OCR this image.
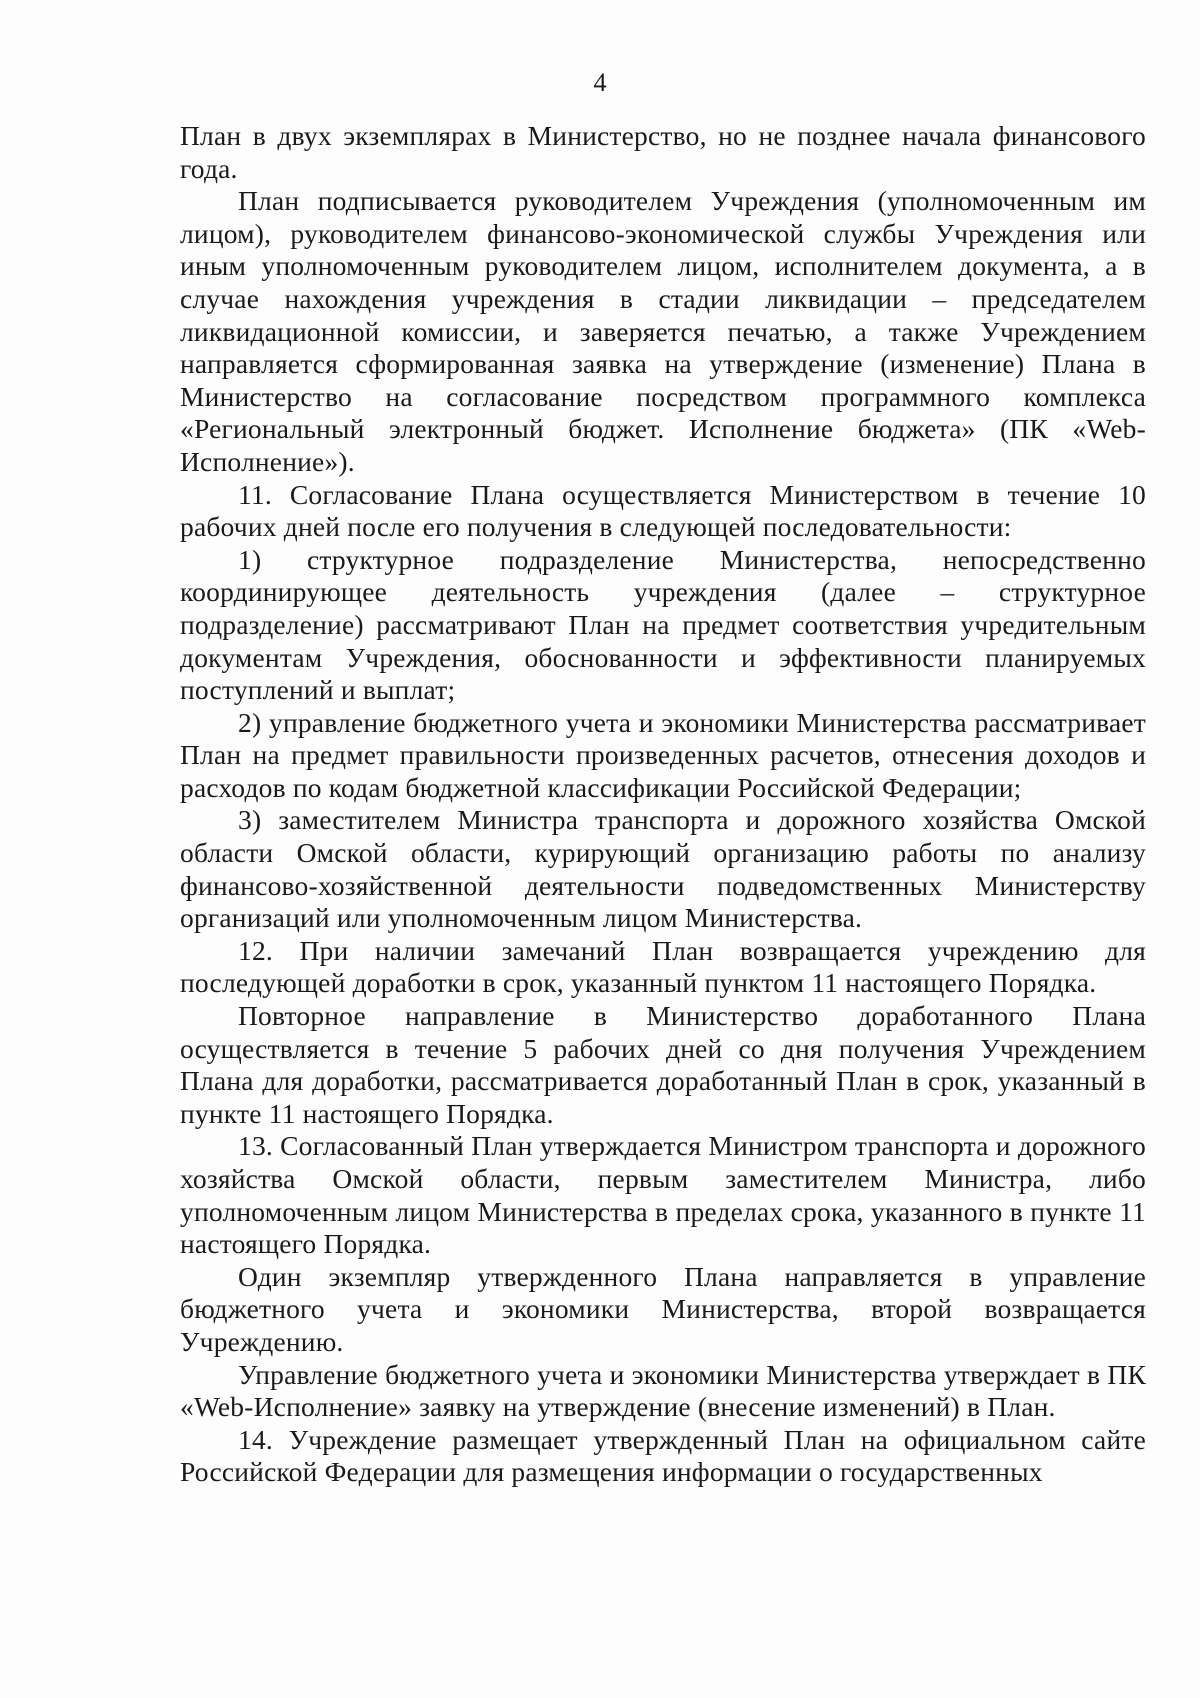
4

План в двух экземплярах в Министерство, но не позднее начала финансового года.

План подписывается руководителем Учреждения (уполномоченным им лицом), руководителем финансово-экономической службы Учреждения или иным уполномоченным руководителем лицом, исполнителем документа, а в случае нахождения учреждения в стадии ликвидации – председателем ликвидационной комиссии, и заверяется печатью, а также Учреждением направляется сформированная заявка на утверждение (изменение) Плана в Министерство на согласование посредством программного комплекса «Региональный электронный бюджет. Исполнение бюджета» (ПК «Web-Исполнение»).

11. Согласование Плана осуществляется Министерством в течение 10 рабочих дней после его получения в следующей последовательности:

1) структурное подразделение Министерства, непосредственно координирующее деятельность учреждения (далее – структурное подразделение) рассматривают План на предмет соответствия учредительным документам Учреждения, обоснованности и эффективности планируемых поступлений и выплат;

2) управление бюджетного учета и экономики Министерства рассматривает План на предмет правильности произведенных расчетов, отнесения доходов и расходов по кодам бюджетной классификации Российской Федерации;

3) заместителем Министра транспорта и дорожного хозяйства Омской области Омской области, курирующий организацию работы по анализу финансово-хозяйственной деятельности подведомственных Министерству организаций или уполномоченным лицом Министерства.

12. При наличии замечаний План возвращается учреждению для последующей доработки в срок, указанный пунктом 11 настоящего Порядка.

Повторное направление в Министерство доработанного Плана осуществляется в течение 5 рабочих дней со дня получения Учреждением Плана для доработки, рассматривается доработанный План в срок, указанный в пункте 11 настоящего Порядка.

13. Согласованный План утверждается Министром транспорта и дорожного хозяйства Омской области, первым заместителем Министра, либо уполномоченным лицом Министерства в пределах срока, указанного в пункте 11 настоящего Порядка.

Один экземпляр утвержденного Плана направляется в управление бюджетного учета и экономики Министерства, второй возвращается Учреждению.

Управление бюджетного учета и экономики Министерства утверждает в ПК «Web-Исполнение» заявку на утверждение (внесение изменений) в План.

14. Учреждение размещает утвержденный План на официальном сайте Российской Федерации для размещения информации о государственных
